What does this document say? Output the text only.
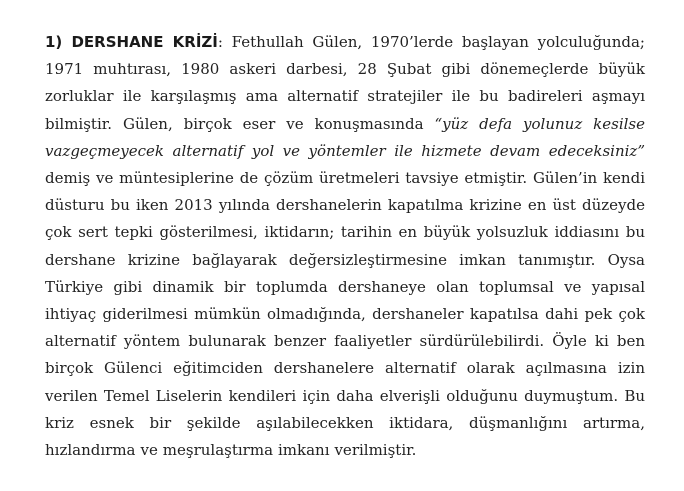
1) DERSHANE KRİZİ: Fethullah Gülen, 1970’lerde başlayan yolculuğunda; 1971 muhtırası, 1980 askeri darbesi, 28 Şubat gibi dönemeçlerde büyük zorluklar ile karşılaşmış ama alternatif stratejiler ile bu badireleri aşmayı bilmiştir. Gülen, birçok eser ve konuşmasında “yüz defa yolunuz kesilse vazgeçmeyecek alternatif yol ve yöntemler ile hizmete devam edeceksiniz” demiş ve müntesiplerine de çözüm üretmeleri tavsiye etmiştir. Gülen’in kendi düsturu bu iken 2013 yılında dershanelerin kapatılma krizine en üst düzeyde çok sert tepki gösterilmesi, iktidarın; tarihin en büyük yolsuzluk iddiasını bu dershane krizine bağlayarak değersizleştirmesine imkan tanımıştır. Oysa Türkiye gibi dinamik bir toplumda dershaneye olan toplumsal ve yapısal ihtiyaç giderilmesi mümkün olmadığında, dershaneler kapatılsa dahi pek çok alternatif yöntem bulunarak benzer faaliyetler sürdürülebilirdi. Öyle ki ben birçok Gülenci eğitimciden dershanelere alternatif olarak açılmasına izin verilen Temel Liselerin kendileri için daha elverişli olduğunu duymuştum. Bu kriz esnek bir şekilde aşılabilecekken iktidara, düşmanlığını artırma, hızlandırma ve meşrulaştırma imkanı verilmiştir.
